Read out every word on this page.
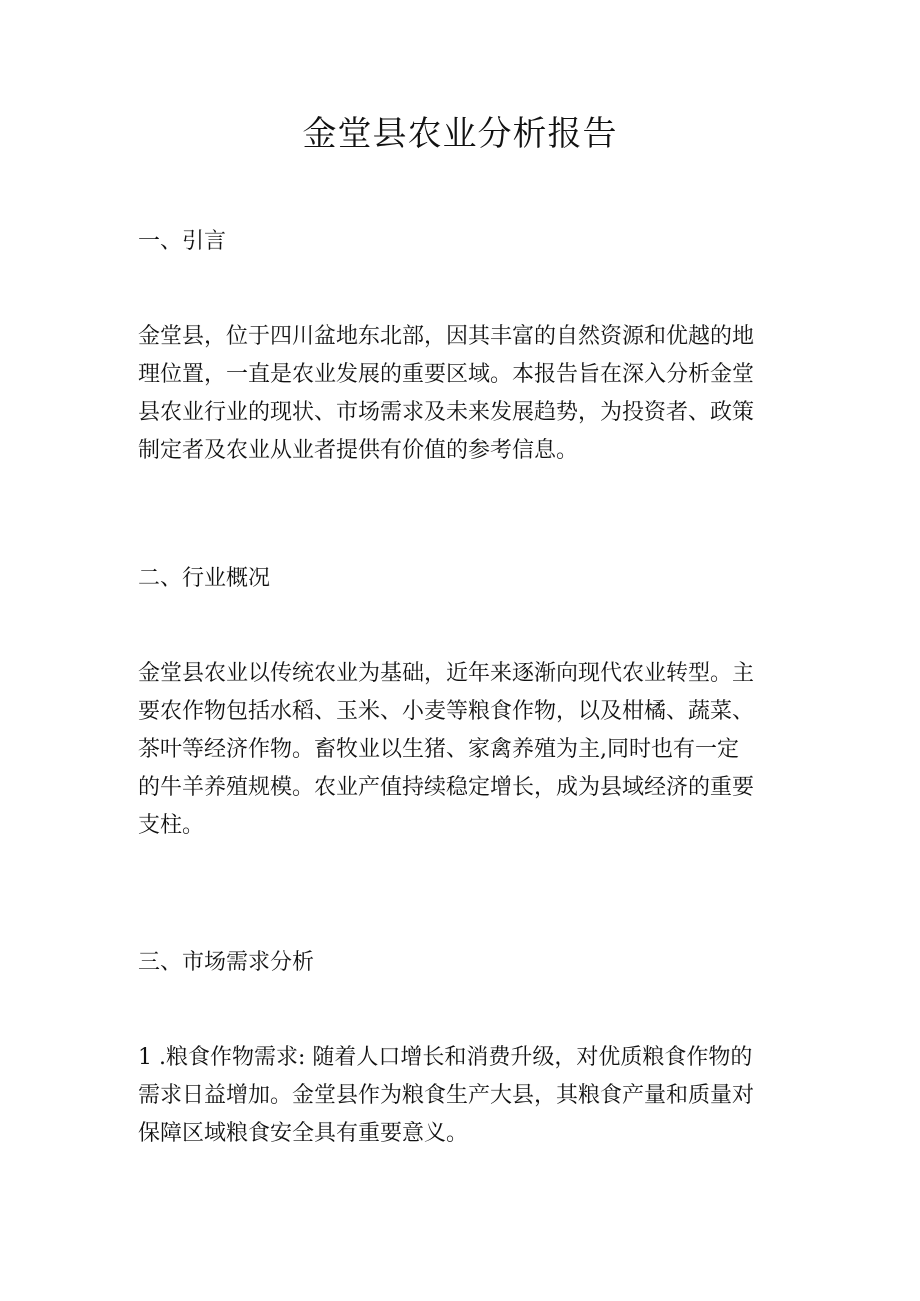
金堂县农业分析报告
一、引言
金堂县，位于四川盆地东北部，因其丰富的自然资源和优越的地
理位置，一直是农业发展的重要区域。本报告旨在深入分析金堂
县农业行业的现状、市场需求及未来发展趋势，为投资者、政策
制定者及农业从业者提供有价值的参考信息。
二、行业概况
金堂县农业以传统农业为基础，近年来逐渐向现代农业转型。主
要农作物包括水稻、玉米、小麦等粮食作物，以及柑橘、蔬菜、
茶叶等经济作物。畜牧业以生猪、家禽养殖为主,同时也有一定
的牛羊养殖规模。农业产值持续稳定增长，成为县域经济的重要
支柱。
三、市场需求分析
1 .粮食作物需求: 随着人口增长和消费升级，对优质粮食作物的
需求日益增加。金堂县作为粮食生产大县，其粮食产量和质量对
保障区域粮食安全具有重要意义。
